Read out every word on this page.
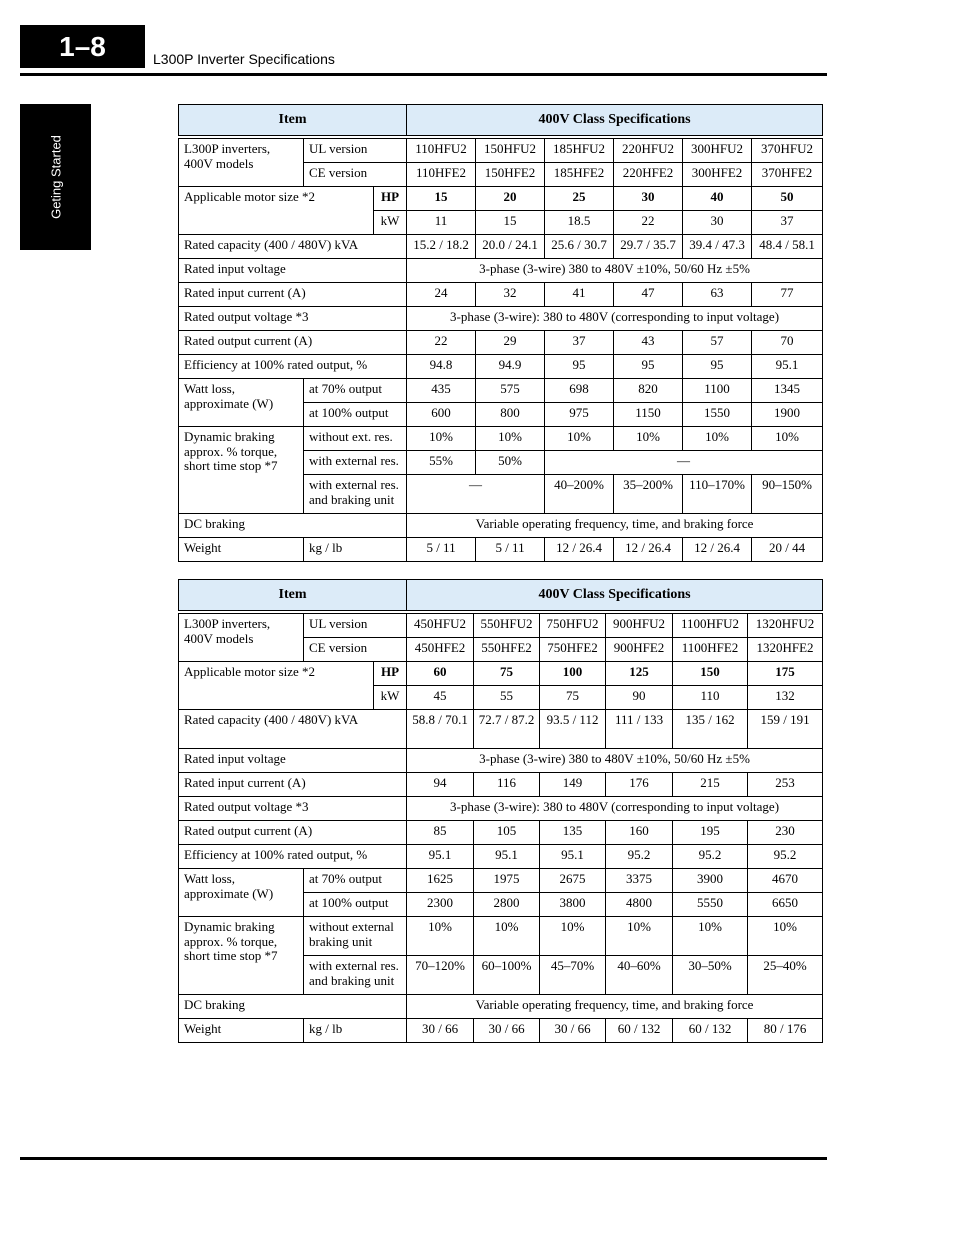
1–8	L300P Inverter Specifications
Geting Started
Item			400V Class Specifications					
L300P inverters, 400V models	UL version		110HFU2	150HFU2	185HFU2	220HFU2	300HFU2	370HFU2
	CE version		110HFE2	150HFE2	185HFE2	220HFE2	300HFE2	370HFE2
Applicable motor size *2		HP	15	20	25	30	40	50
		kW	11	15	18.5	22	30	37
Rated capacity (400 / 480V) kVA			15.2 / 18.2	20.0 / 24.1	25.6 / 30.7	29.7 / 35.7	39.4 / 47.3	48.4 / 58.1
Rated input voltage			3-phase (3-wire) 380 to 480V ±10%, 50/60 Hz ±5%					
Rated input current (A)			24	32	41	47	63	77
Rated output voltage *3			3-phase (3-wire): 380 to 480V (corresponding to input voltage)					
Rated output current (A)			22	29	37	43	57	70
Efficiency at 100% rated output, %			94.8	94.9	95	95	95	95.1
Watt loss, approximate (W)	at 70% output		435	575	698	820	1100	1345
	at 100% output		600	800	975	1150	1550	1900
Dynamic braking approx. % torque, short time stop *7	without ext. res.		10%	10%	10%	10%	10%	10%
	with external res.		55%	50%	—			
	with external res. and braking unit		—		40–200%	35–200%	110–170%	90–150%
DC braking			Variable operating frequency, time, and braking force					
Weight	kg / lb		5 / 11	5 / 11	12 / 26.4	12 / 26.4	12 / 26.4	20 / 44
Item			400V Class Specifications					
L300P inverters, 400V models	UL version		450HFU2	550HFU2	750HFU2	900HFU2	1100HFU2	1320HFU2
	CE version		450HFE2	550HFE2	750HFE2	900HFE2	1100HFE2	1320HFE2
Applicable motor size *2		HP	60	75	100	125	150	175
		kW	45	55	75	90	110	132
Rated capacity (400 / 480V) kVA			58.8 / 70.1	72.7 / 87.2	93.5 / 112	111 / 133	135 / 162	159 / 191
Rated input voltage			3-phase (3-wire) 380 to 480V ±10%, 50/60 Hz ±5%					
Rated input current (A)			94	116	149	176	215	253
Rated output voltage *3			3-phase (3-wire): 380 to 480V (corresponding to input voltage)					
Rated output current (A)			85	105	135	160	195	230
Efficiency at 100% rated output, %			95.1	95.1	95.1	95.2	95.2	95.2
Watt loss, approximate (W)	at 70% output		1625	1975	2675	3375	3900	4670
	at 100% output		2300	2800	3800	4800	5550	6650
Dynamic braking approx. % torque, short time stop *7	without external braking unit		10%	10%	10%	10%	10%	10%
	with external res. and braking unit		70–120%	60–100%	45–70%	40–60%	30–50%	25–40%
DC braking			Variable operating frequency, time, and braking force					
Weight	kg / lb		30 / 66	30 / 66	30 / 66	60 / 132	60 / 132	80 / 176
